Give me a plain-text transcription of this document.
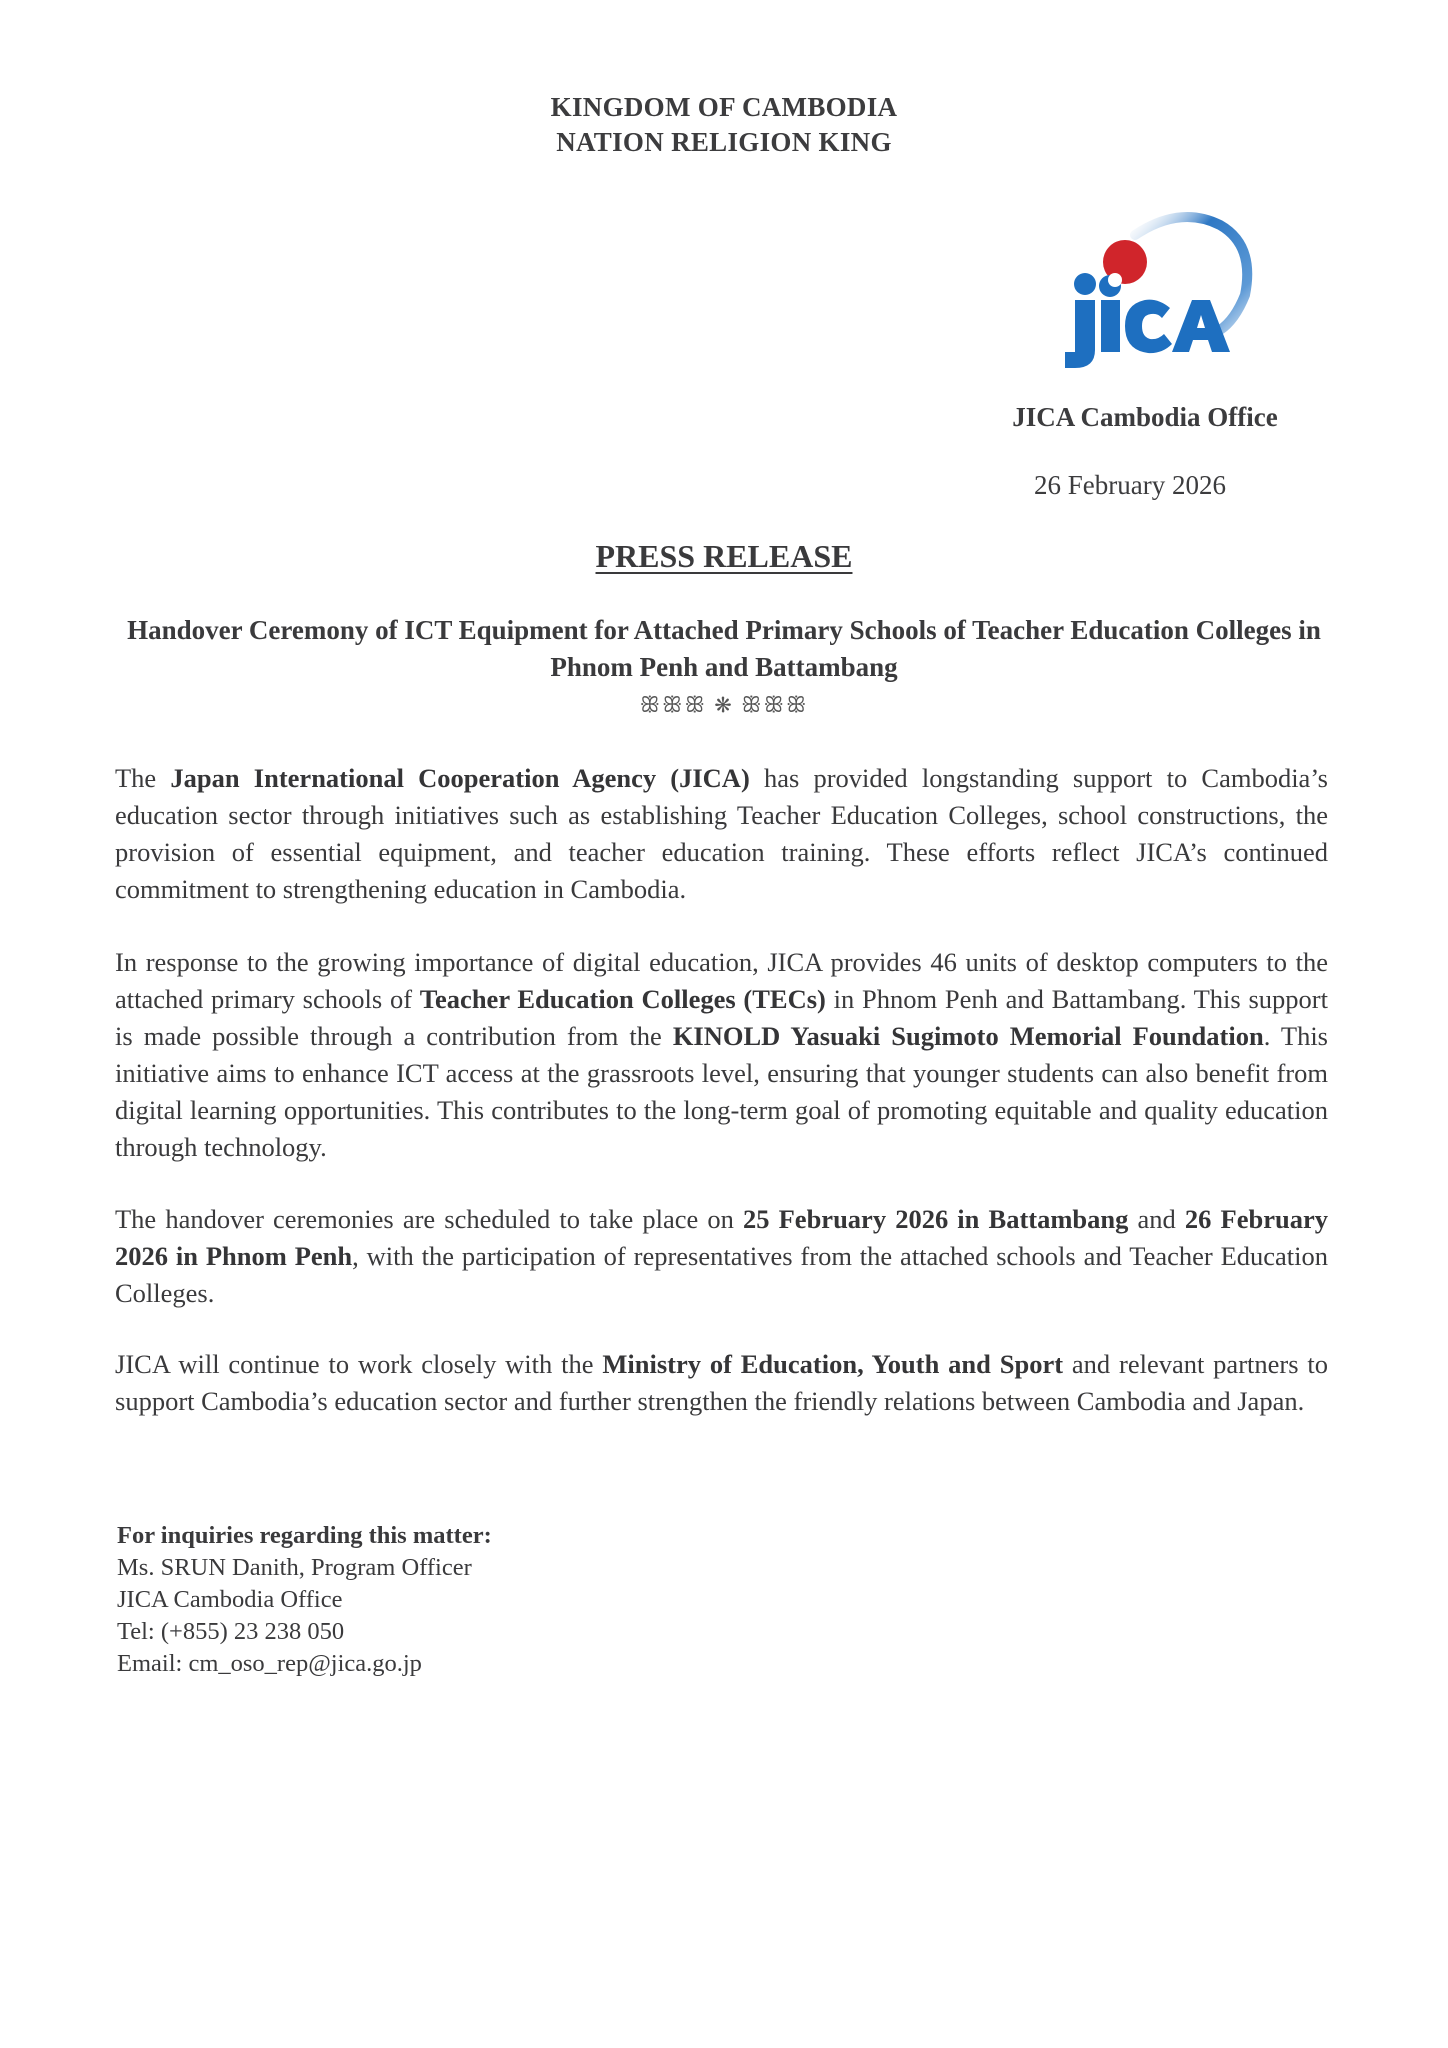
KINGDOM OF CAMBODIA
NATION RELIGION KING
JICA Cambodia Office
26 February 2026
PRESS RELEASE
Handover Ceremony of ICT Equipment for Attached Primary Schools of Teacher Education Colleges in Phnom Penh and Battambang
ꕥꕥꕥ ❋ ꕥꕥꕥ
The Japan International Cooperation Agency (JICA) has provided longstanding support to Cambodia’s education sector through initiatives such as establishing Teacher Education Colleges, school constructions, the provision of essential equipment, and teacher education training. These efforts reflect JICA’s continued commitment to strengthening education in Cambodia.
In response to the growing importance of digital education, JICA provides 46 units of desktop computers to the attached primary schools of Teacher Education Colleges (TECs) in Phnom Penh and Battambang. This support is made possible through a contribution from the KINOLD Yasuaki Sugimoto Memorial Foundation. This initiative aims to enhance ICT access at the grassroots level, ensuring that younger students can also benefit from digital learning opportunities. This contributes to the long-term goal of promoting equitable and quality education through technology.
The handover ceremonies are scheduled to take place on 25 February 2026 in Battambang and 26 February 2026 in Phnom Penh, with the participation of representatives from the attached schools and Teacher Education Colleges.
JICA will continue to work closely with the Ministry of Education, Youth and Sport and relevant partners to support Cambodia’s education sector and further strengthen the friendly relations between Cambodia and Japan.
For inquiries regarding this matter:
Ms. SRUN Danith, Program Officer
JICA Cambodia Office
Tel: (+855) 23 238 050
Email: cm_oso_rep@jica.go.jp
